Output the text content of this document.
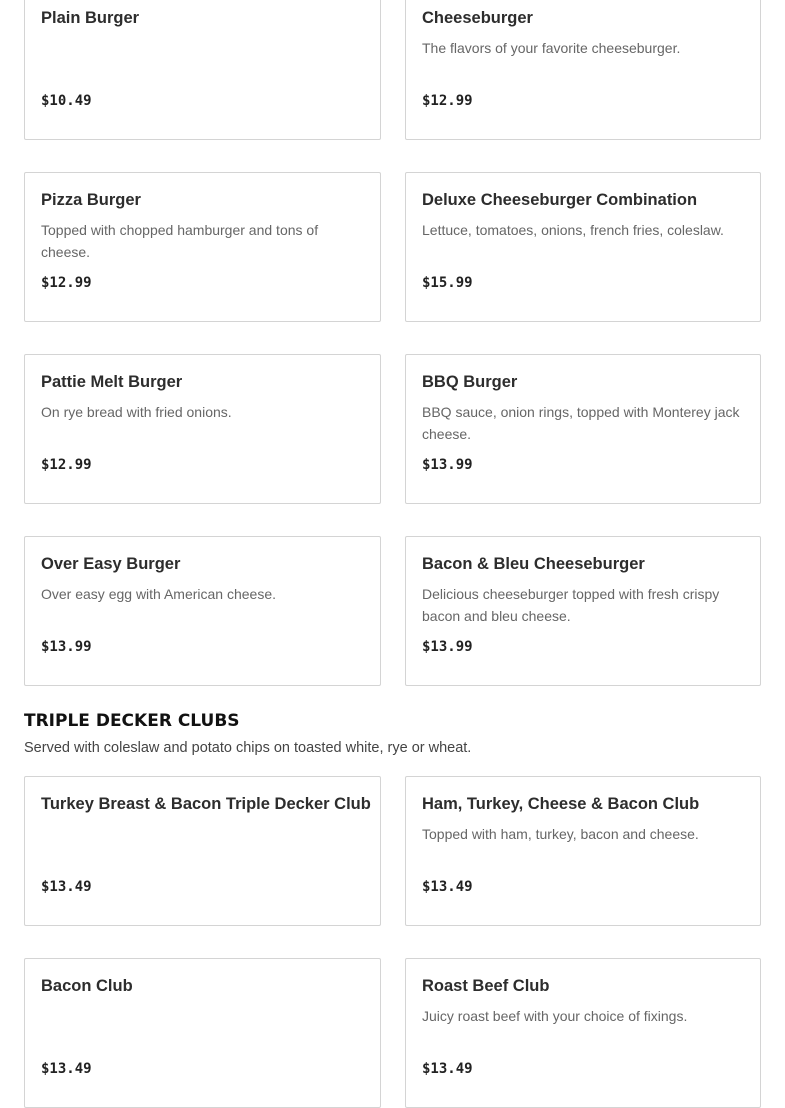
Plain Burger
$10.49
Cheeseburger
The flavors of your favorite cheeseburger.
$12.99
Pizza Burger
Topped with chopped hamburger and tons of cheese.
$12.99
Deluxe Cheeseburger Combination
Lettuce, tomatoes, onions, french fries, coleslaw.
$15.99
Pattie Melt Burger
On rye bread with fried onions.
$12.99
BBQ Burger
BBQ sauce, onion rings, topped with Monterey jack cheese.
$13.99
Over Easy Burger
Over easy egg with American cheese.
$13.99
Bacon & Bleu Cheeseburger
Delicious cheeseburger topped with fresh crispy bacon and bleu cheese.
$13.99
TRIPLE DECKER CLUBS

Served with coleslaw and potato chips on toasted white, rye or wheat.

Turkey Breast & Bacon Triple Decker Club
$13.49
Ham, Turkey, Cheese & Bacon Club
Topped with ham, turkey, bacon and cheese.
$13.49
Bacon Club
$13.49
Roast Beef Club
Juicy roast beef with your choice of fixings.
$13.49
